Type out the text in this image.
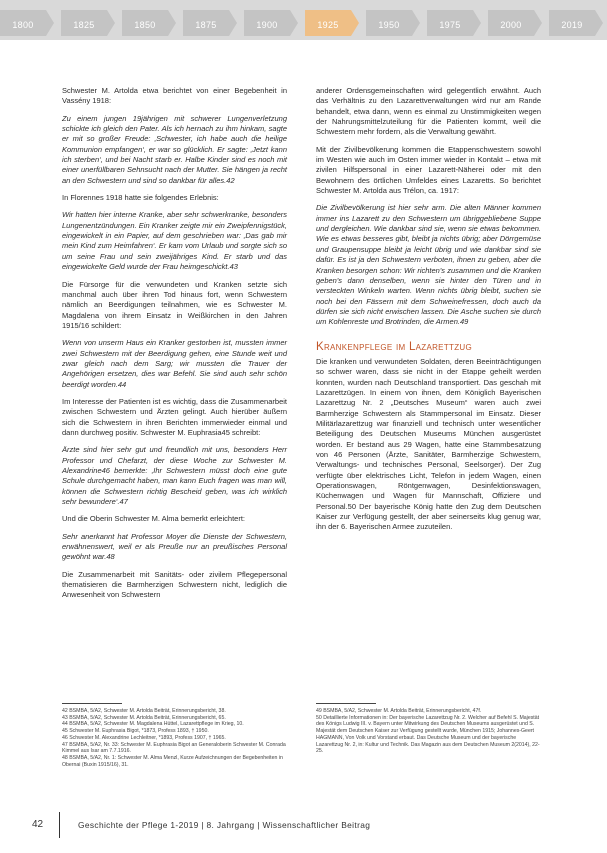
1800	1825	1850	1875	1900	1925	1950	1975	2000	2019

Schwester M. Artolda etwa berichtet von einer Begebenheit in Vassény 1918:

Zu einem jungen 19jährigen mit schwerer Lungenverletzung schickte ich gleich den Pater. Als ich hernach zu ihm hinkam, sagte er mit so großer Freude: ‚Schwester, ich habe auch die heilige Kommunion empfangen‘, er war so glücklich. Er sagte: ‚Jetzt kann ich sterben‘, und bei Nacht starb er. Halbe Kinder sind es noch mit einer unerfüllbaren Sehnsucht nach der Mutter. Sie hängen ja recht an den Schwestern und sind so dankbar für alles.42

In Florennes 1918 hatte sie folgendes Erlebnis:

Wir hatten hier interne Kranke, aber sehr schwerkranke, besonders Lungenentzündungen. Ein Kranker zeigte mir ein Zweipfennigstück, eingewickelt in ein Papier, auf dem geschrieben war: ‚Das gab mir mein Kind zum Heimfahren‘. Er kam vom Urlaub und sorgte sich so um seine Frau und sein zweijähriges Kind. Er starb und das eingewickelte Geld wurde der Frau heimgeschickt.43

Die Fürsorge für die verwundeten und Kranken setzte sich manchmal auch über ihren Tod hinaus fort, wenn Schwestern nämlich an Beerdigungen teilnahmen, wie es Schwester M. Magdalena von ihrem Einsatz in Weißkirchen in den Jahren 1915/16 schildert:

Wenn von unserm Haus ein Kranker gestorben ist, mussten immer zwei Schwestern mit der Beerdigung gehen, eine Stunde weit und zwar gleich nach dem Sarg; wir mussten die Trauer der Angehörigen ersetzen, dies war Befehl. Sie sind auch sehr schön beerdigt worden.44

Im Interesse der Patienten ist es wichtig, dass die Zusammenarbeit zwischen Schwestern und Ärzten gelingt. Auch hierüber äußern sich die Schwestern in ihren Berichten immerwieder einmal und dann durchweg positiv. Schwester M. Euphrasia45 schreibt:

Ärzte sind hier sehr gut und freundlich mit uns, besonders Herr Professor und Chefarzt, der diese Woche zur Schwester M. Alexandrine46 bemerkte: ‚Ihr Schwestern müsst doch eine gute Schule durchgemacht haben, man kann Euch fragen was man will, können die Schwestern richtig Bescheid geben, was ich wirklich sehr bewundere‘.47

Und die Oberin Schwester M. Alma bemerkt erleichtert:

Sehr anerkannt hat Professor Moyer die Dienste der Schwestern, erwähnenswert, weil er als Preuße nur an preußisches Personal gewöhnt war.48

Die Zusammenarbeit mit Sanitäts- oder zivilem Pflegepersonal thematisieren die Barmherzigen Schwestern nicht, lediglich die Anwesenheit von Schwestern

anderer Ordensgemeinschaften wird gelegentlich erwähnt. Auch das Verhältnis zu den Lazarettverwaltungen wird nur am Rande behandelt, etwa dann, wenn es einmal zu Unstimmigkeiten wegen der Nahrungsmittelzuteilung für die Patienten kommt, weil die Schwestern mehr fordern, als die Verwaltung gewährt.

Mit der Zivilbevölkerung kommen die Etappenschwestern sowohl im Westen wie auch im Osten immer wieder in Kontakt – etwa mit zivilen Hilfspersonal in einer Lazarett-Näherei oder mit den Bewohnern des örtlichen Umfeldes eines Lazaretts. So berichtet Schwester M. Artolda aus Trélon, ca. 1917:

Die Zivilbevölkerung ist hier sehr arm. Die alten Männer kommen immer ins Lazarett zu den Schwestern um übriggebliebene Suppe und dergleichen. Wie dankbar sind sie, wenn sie etwas bekommen. Wie es etwas besseres gibt, bleibt ja nichts übrig; aber Dörrgemüse und Graupensuppe bleibt ja leicht übrig und wie dankbar sind sie dafür. Es ist ja den Schwestern verboten, ihnen zu geben, aber die Kranken besorgen schon: Wir richten's zusammen und die Kranken geben's dann denselben, wenn sie hinter den Türen und in versteckten Winkeln warten. Wenn nichts übrig bleibt, suchen sie noch bei den Fässern mit dem Schweinefressen, doch auch da dürfen sie sich nicht erwischen lassen. Die Asche suchen sie durch um Kohlenreste und Brotrinden, die Armen.49

Krankenpflege im Lazarettzug

Die kranken und verwundeten Soldaten, deren Beeinträchtigungen so schwer waren, dass sie nicht in der Etappe geheilt werden konnten, wurden nach Deutschland transportiert. Das geschah mit Lazarettzügen. In einem von ihnen, dem Königlich Bayerischen Lazarettzug Nr. 2 „Deutsches Museum“ waren auch zwei Barmherzige Schwestern als Stammpersonal im Einsatz. Dieser Militärlazarettzug war finanziell und technisch unter wesentlicher Beteiligung des Deutschen Museums München ausgerüstet worden. Er bestand aus 29 Wagen, hatte eine Stammbesatzung von 46 Personen (Ärzte, Sanitäter, Barmherzige Schwestern, Verwaltungs- und technisches Personal, Seelsorger). Der Zug verfügte über elektrisches Licht, Telefon in jedem Wagen, einen Operationswagen, Röntgenwagen, Desinfektionswagen, Küchenwagen und Wagen für Mannschaft, Offiziere und Personal.50 Der bayerische König hatte den Zug dem Deutschen Kaiser zur Verfügung gestellt, der aber seinerseits klug genug war, ihn der 6. Bayerischen Armee zuzuteilen.

42 BSMBA, 5/A2, Schwester M. Artolda Beiträt, Erinnerungsbericht, 38.
43 BSMBA, 5/A2, Schwester M. Artolda Beiträt, Erinnerungsbericht, 65.
44 BSMBA, 5/A2, Schwester M. Magdalena Hüttel, Lazarettpflege im Krieg, 10.
45 Schwester M. Euphrasia Bigot, *1873, Profess 1893, † 1950.
46 Schwester M. Alexandrine Lechleitner, *1893, Profess 1907, † 1965.
47 BSMBA, 5/A2, Nr. 33: Schwester M. Euphrasia Bigot an Generaloberin Schwester M. Conrada Kimmel aus Isar am 7.7.1916.
48 BSMBA, 5/A2, Nr. 1: Schwester M. Alma Menzl, Kurze Aufzeichnungen der Begebenheiten in Obernai (Buxin 1915/16), 31.
49 BSMBA, 5/A2, Schwester M. Artolda Beiträt, Erinnerungsbericht, 47f.
50 Detaillierte Informationen in: Der bayerische Lazarettzug Nr. 2. Welcher auf Befehl S. Majestät des Königs Ludwig III. v. Bayern unter Mitwirkung des Deutschen Museums ausgerüstet und S. Majestät dem Deutschen Kaiser zur Verfügung gestellt wurde, München 1915; Johannes-Geert HAGMANN, Von Volk und Vorstand erbaut. Das Deutsche Museum und der bayerische Lazarettzug Nr. 2, in: Kultur und Technik. Das Magazin aus dem Deutschen Museum 2(2014), 22-25.
42	Geschichte der Pflege 1-2019 | 8. Jahrgang | Wissenschaftlicher Beitrag
